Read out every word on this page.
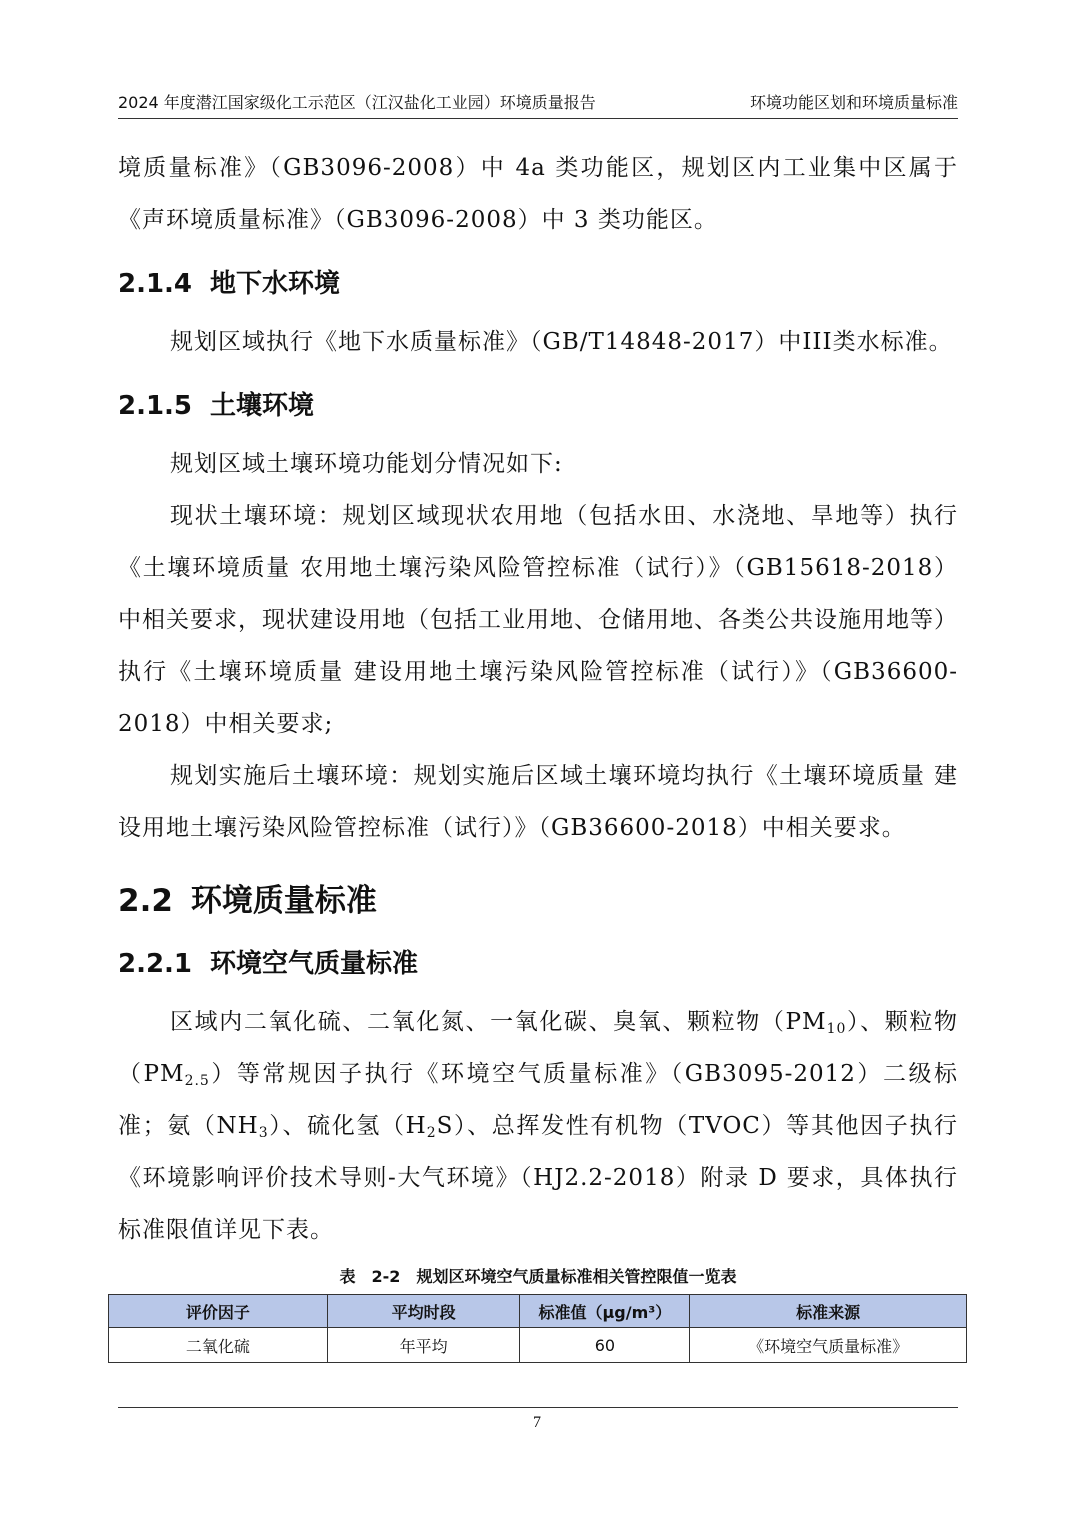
2024 年度潜江国家级化工示范区（江汉盐化工业园）环境质量报告	环境功能区划和环境质量标准

境质量标准》（GB3096-2008）中 4a 类功能区，规划区内工业集中区属于《声环境质量标准》（GB3096-2008）中 3 类功能区。

2.1.4 地下水环境

规划区域执行《地下水质量标准》（GB/T14848-2017）中III类水标准。

2.1.5 土壤环境

规划区域土壤环境功能划分情况如下:

现状土壤环境：规划区域现状农用地（包括水田、水浇地、旱地等）执行《土壤环境质量 农用地土壤污染风险管控标准（试行）》（GB15618-2018）中相关要求，现状建设用地（包括工业用地、仓储用地、各类公共设施用地等）执行《土壤环境质量 建设用地土壤污染风险管控标准（试行）》（GB36600-2018）中相关要求;

规划实施后土壤环境：规划实施后区域土壤环境均执行《土壤环境质量 建设用地土壤污染风险管控标准（试行）》（GB36600-2018）中相关要求。

2.2 环境质量标准
2.2.1 环境空气质量标准

区域内二氧化硫、二氧化氮、一氧化碳、臭氧、颗粒物$(PM_{10})$、颗粒物$(PM_{2.5})$等常规因子执行《环境空气质量标准》（GB3095-2012）二级标准；氨$(NH_3)$、硫化氢$(H_2S)$、总挥发性有机物（TVOC）等其他因子执行《环境影响评价技术导则-大气环境》（HJ2.2-2018）附录 D 要求，具体执行标准限值详见下表。

表　2-2　规划区环境空气质量标准相关管控限值一览表
评价因子	平均时段	标准值（μg/m³）	标准来源
二氧化硫	年平均	60	《环境空气质量标准》
7
